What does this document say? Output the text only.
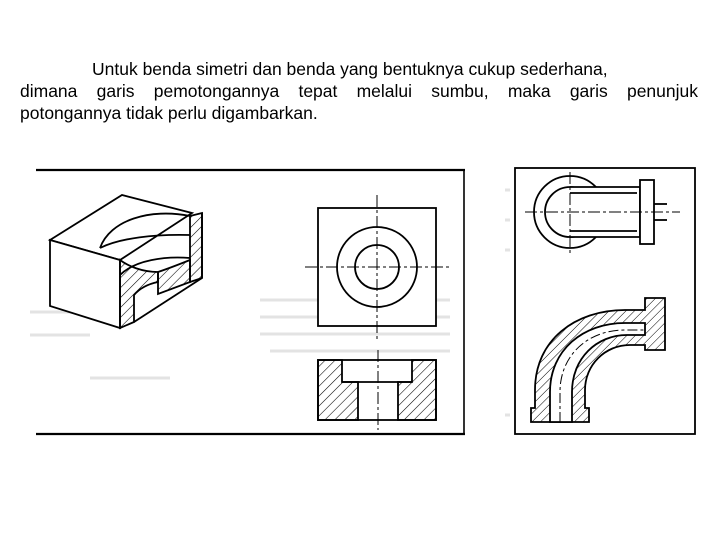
Untuk benda simetri dan benda yang bentuknya cukup sederhana,
dimana garis pemotongannya tepat melalui sumbu, maka garis penunjuk
potongannya tidak perlu digambarkan.
